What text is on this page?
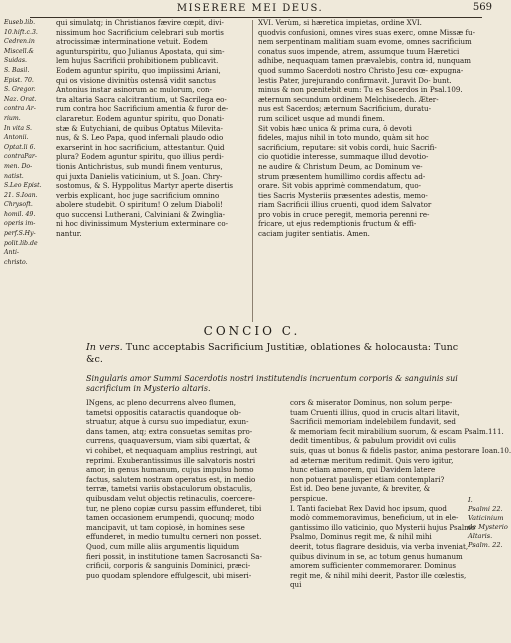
MISERERE MEI DEUS.	569
Euseb.lib.
10.hift.c.3.
Cedren.in
Miscell.&
Suidas.
S. Basil.
Epist. 70.
S. Gregor.
Naz. Orat.
contra Ar-
rium.
In vita S.
Antonii.
Optat.li 6.
contraPar-
men. Do-
natist.
S.Leo Epist.
21. S.Ioan.
Chrysoft.
homil. 49.
operis im-
perf.S.Hy-
polit.lib.de
Anti-
christo.
qui simulatq; in Christianos fævire cœpit, divi-
nissimum hoc Sacrificium celebrari sub mortis
atrocissimæ interminatione vetuit. Eodem
agunturspiritu, quo Julianus Apostata, qui sim-
lem hujus Sacrificii prohibitionem publicavit.
Eodem aguntur spiritu, quo impiissimi Ariani,
qui os visione divinitùs ostensâ vidit sanctus
Antonius instar asinorum ac mulorum, con-
tra altaria Sacra calcitrantium, ut Sacrilega eo-
rum contra hoc Sacrificium amentia & furor de-
clararetur. Eodem aguntur spiritu, quo Donati-
stæ & Eutychiani, de quibus Optatus Milevita-
nus, & S. Leo Papa, quod infernali plaudo odio
exarserint in hoc sacrificium, attestantur. Quid
plura? Eodem aguntur spiritu, quo illius perdi-
tionis Antichristus, sub mundi finem venturus,
qui juxta Danielis vaticinium, ut S. Joan. Chry-
sostomus, & S. Hyppolitus Martyr aperte disertis
verbis explicant, hoc juge sacrificium omnino
abolere studebit. O spiritum! O zelum Diaboli!
quo succensi Lutherani, Calviniani & Zwinglia-
ni hoc divinissimum Mysterium exterminare co-
nantur.
XVI. Verùm, si hæretica impietas, ordine XVI.
quodvis confusioni, omnes vires suas exerc, omne Missæ fu-
nem serpentinam malitiam suam evome, omnes sacrificium
conatus suos impende, atrem, assumque tuum Hæretici
adhibe, nequaquam tamen prævalebis, contra id, nunquam
quod summo Sacerdoti nostro Christo Jesu cœ- expugna-
lestis Pater, jurejurando confirmavit. Juravit Do- bunt.
minus & non pœnitebit eum: Tu es Sacerdos in Psal.109.
æternum secundum ordinem Melchisedech. Æter-
nus est Sacerdos; æternum Sacrificium, duratu-
rum scilicet usque ad mundi finem.
Sit vobis hæc unica & prima cura, ô devoti
fideles, majus nihil in toto mundo, quàm sit hoc
sacrificium, reputare: sit vobis cordi, huic Sacrifi-
cio quotidie interesse, summaque illud devotio-
ne audire & Christum Deum, ac Dominum ve-
strum præsentem humillimo cordis affectu ad-
orare. Sit vobis apprimè commendatum, quo-
ties Sacris Mysteriis præsentes adestis, memo-
riam Sacrificii illius cruenti, quod idem Salvator
pro vobis in cruce peregit, memoria perenni re-
fricare, ut ejus redemptionis fructum & effi-
caciam jugiter sentiatis. Amen.
CONCIO C.
In vers. Tunc acceptabis Sacrificium Justitiæ, oblationes & holocausta: Tunc &c.
Singularis amor Summi Sacerdotis nostri institutendis incruentum corporis & sanguinis sui sacrificium in Mysterio altaris.
INgens, ac pleno decurrens alveo flumen,
tametsi oppositis cataractis quandoque ob-
struatur, atque à cursu suo impediatur, exun-
dans tamen, atq; extra consuetas semitas pro-
currens, quaquaversum, viam sibi quærtat, &
vi cohibet, et nequaquam amplius restringi, aut
reprimi. Exuberantissimus ille salvatoris nostri
amor, in genus humanum, cujus impulsu homo
factus, salutem nostram operatus est, in medio
terræ, tametsi variis obstaculorum obstaculis,
quibusdam velut objectis retinaculis, coercere-
tur, ne pleno copiæ cursu passim effunderet, tibi
tamen occasionem erumpendi, quocunq; modo
mancipavit, ut tam copiosè, in homines sese
effunderet, in medio tumultu cerneri non posset.
Quod, cum mille aliis argumentis liquidum
fieri possit, in institutione tamen Sacrosancti Sa-
crificii, corporis & sanguinis Dominici, præci-
puo quodam splendore effulgescit, ubi miseri-
cors & miserator Dominus, non solum perpe-
tuam Cruenti illius, quod in crucis altari litavit,
Sacrificii memoriam indelebilem fundavit, sed
& memoriam fecit mirabilium suorum, & escam Psalm.111.
dedit timentibus, & pabulum providit ovi culis
suis, quas ut bonus & fidelis pastor, anima pestorare Ioan.10.
ad æternæ meritum redimit. Quis vero igitur,
hunc etiam amorem, qui Davidem latere
non potuerat paulisper etiam contemplari?
Est id. Deo bene juvante, & breviter, &
perspicue.
I. Tanti faciebat Rex David hoc ipsum, quod
modò commemoravimus, beneficium, ut in ele-
gantissimo illo vaticinio, quo Mysterii hujus Psalmo
Psalmo, Dominus regit me, & nihil mihi
deerit, totus flagrare desiduis, via verba inveniat,
quibus divinum in se, ac totum genus humanum
amorem sufficienter commemorarer. Dominus
regit me, & nihil mihi deerit, Pastor ille cœlestis,
qui
I.
Psalmi 22.
Vaticinium
de Mysterio
Altaris.
Psalm. 22.
